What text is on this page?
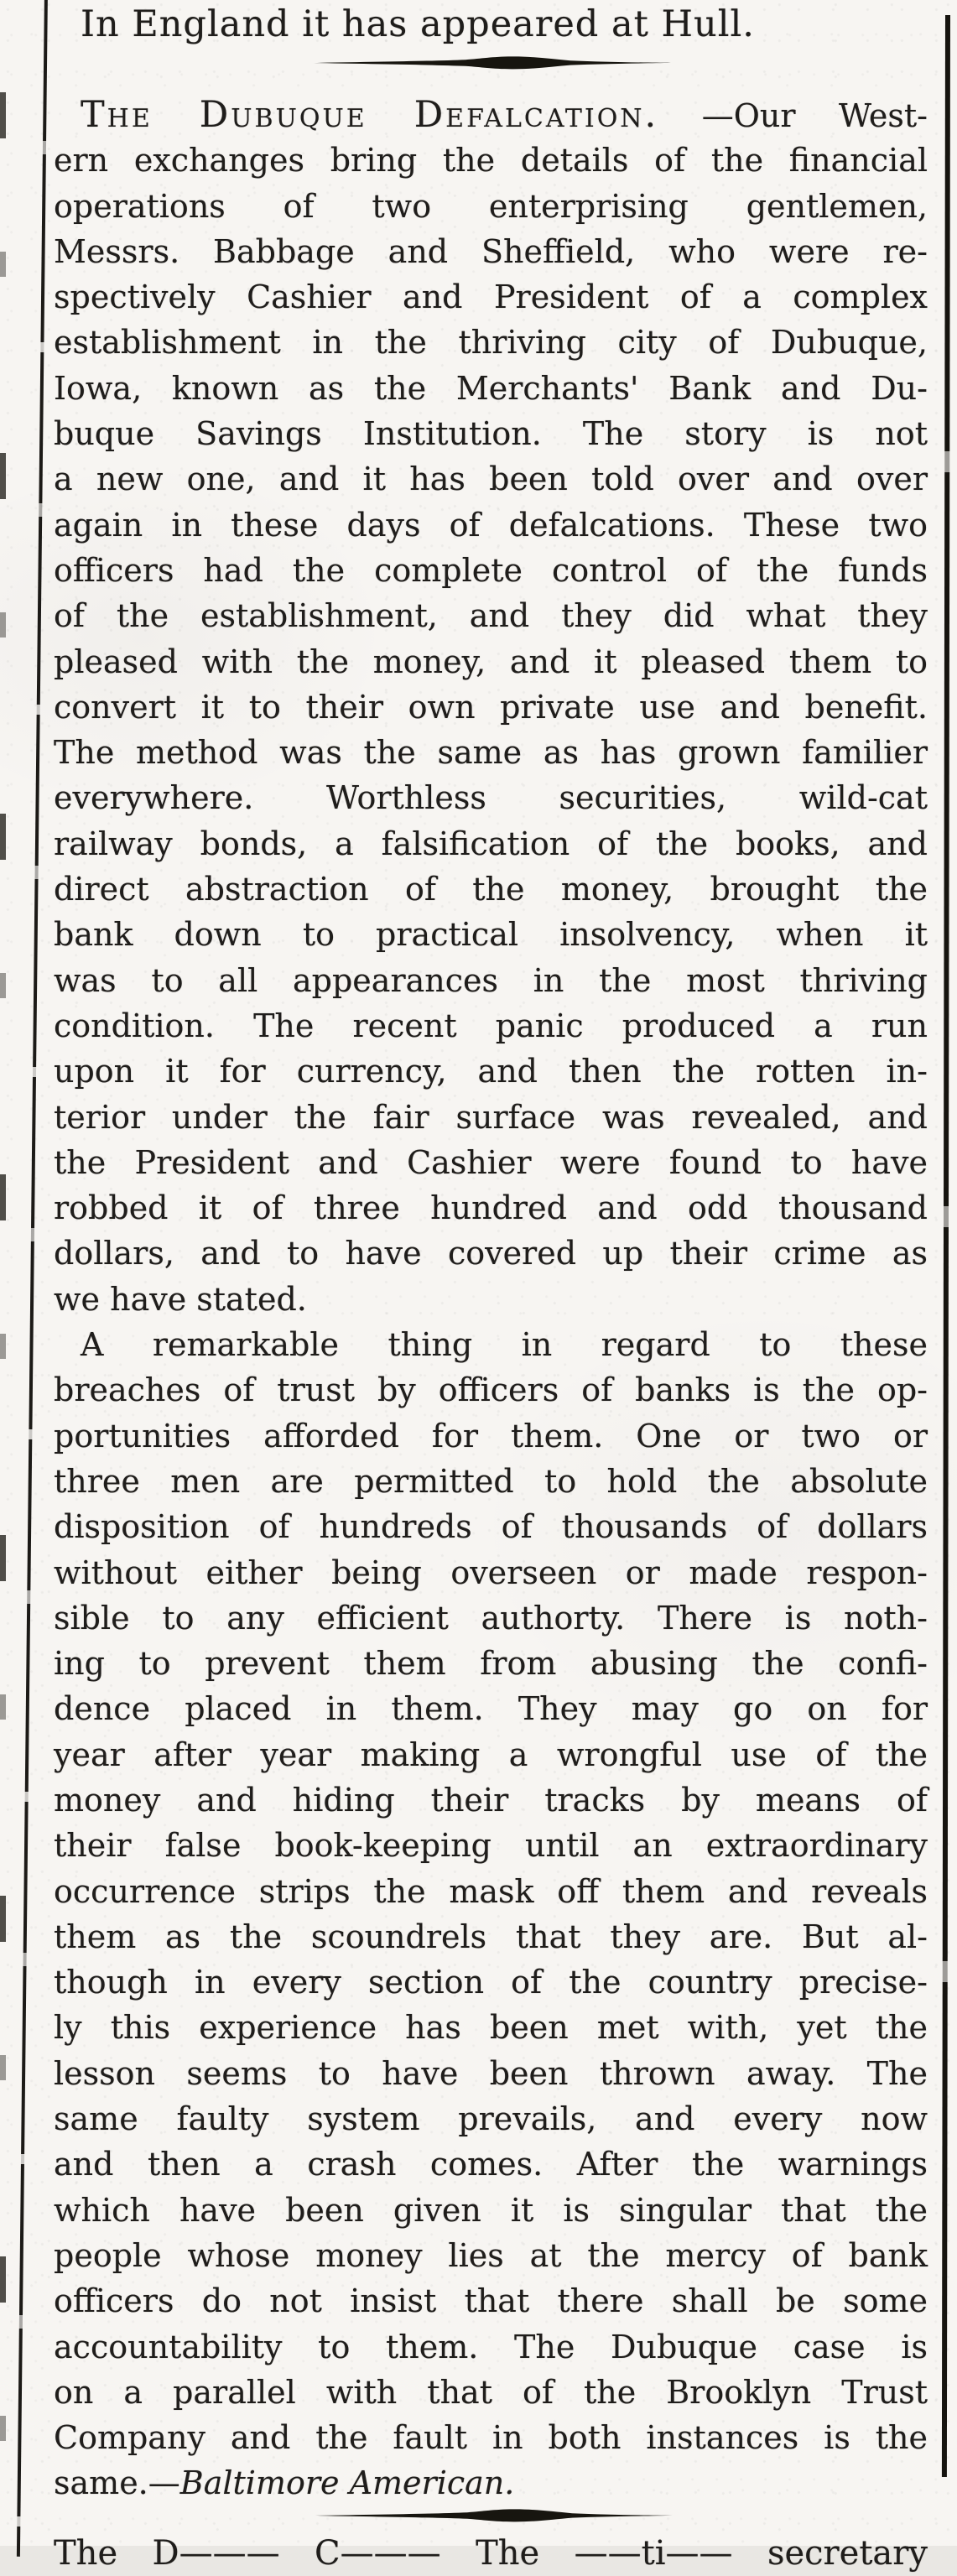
In England it has appeared at Hull.
The Dubuque Defalcation. —Our West-
ern exchanges bring the details of the financial
operations of two enterprising gentlemen,
Messrs. Babbage and Sheffield, who were re-
spectively Cashier and President of a complex
establishment in the thriving city of Dubuque,
Iowa, known as the Merchants' Bank and Du-
buque Savings Institution. The story is not
a new one, and it has been told over and over
again in these days of defalcations. These two
officers had the complete control of the funds
of the establishment, and they did what they
pleased with the money, and it pleased them to
convert it to their own private use and benefit.
The method was the same as has grown familier
everywhere. Worthless securities, wild-cat
railway bonds, a falsification of the books, and
direct abstraction of the money, brought the
bank down to practical insolvency, when it
was to all appearances in the most thriving
condition. The recent panic produced a run
upon it for currency, and then the rotten in-
terior under the fair surface was revealed, and
the President and Cashier were found to have
robbed it of three hundred and odd thousand
dollars, and to have covered up their crime as
we have stated.
A remarkable thing in regard to these
breaches of trust by officers of banks is the op-
portunities afforded for them. One or two or
three men are permitted to hold the absolute
disposition of hundreds of thousands of dollars
without either being overseen or made respon-
sible to any efficient authorty. There is noth-
ing to prevent them from abusing the confi-
dence placed in them. They may go on for
year after year making a wrongful use of the
money and hiding their tracks by means of
their false book-keeping until an extraordinary
occurrence strips the mask off them and reveals
them as the scoundrels that they are. But al-
though in every section of the country precise-
ly this experience has been met with, yet the
lesson seems to have been thrown away. The
same faulty system prevails, and every now
and then a crash comes. After the warnings
which have been given it is singular that the
people whose money lies at the mercy of bank
officers do not insist that there shall be some
accountability to them. The Dubuque case is
on a parallel with that of the Brooklyn Trust
Company and the fault in both instances is the
same.—Baltimore American.
The D——— C——— The ——ti—— secretary
